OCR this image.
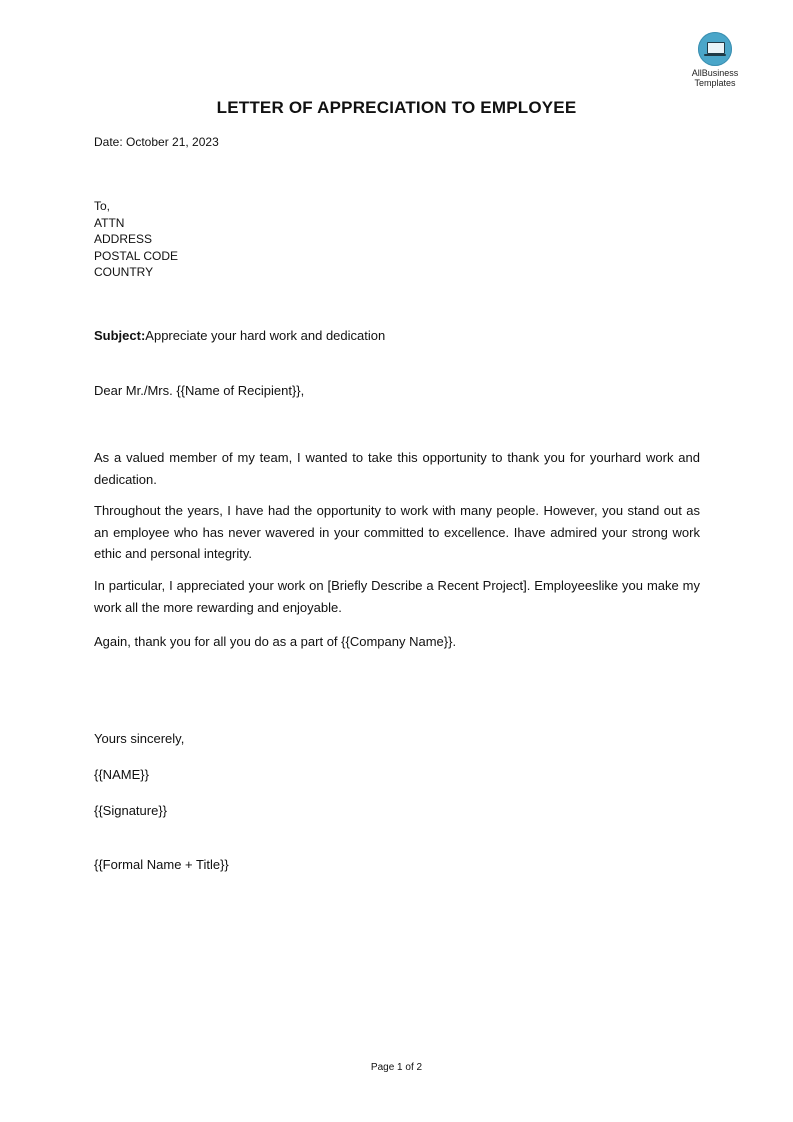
AllBusiness
Templates
LETTER OF APPRECIATION TO EMPLOYEE
Date: October 21, 2023
To,
ATTN
ADDRESS
POSTAL CODE
COUNTRY
Subject:Appreciate your hard work and dedication
Dear Mr./Mrs. {{Name of Recipient}},

As a valued member of my team, I wanted to take this opportunity to thank you for yourhard work and dedication.

Throughout the years, I have had the opportunity to work with many people. However, you stand out as an employee who has never wavered in your committed to excellence. Ihave admired your strong work ethic and personal integrity.

In particular, I appreciated your work on [Briefly Describe a Recent Project]. Employeeslike you make my work all the more rewarding and enjoyable.

Again, thank you for all you do as a part of {{Company Name}}.

Yours sincerely,
{{NAME}}
{{Signature}}
{{Formal Name + Title}}
Page 1 of 2
